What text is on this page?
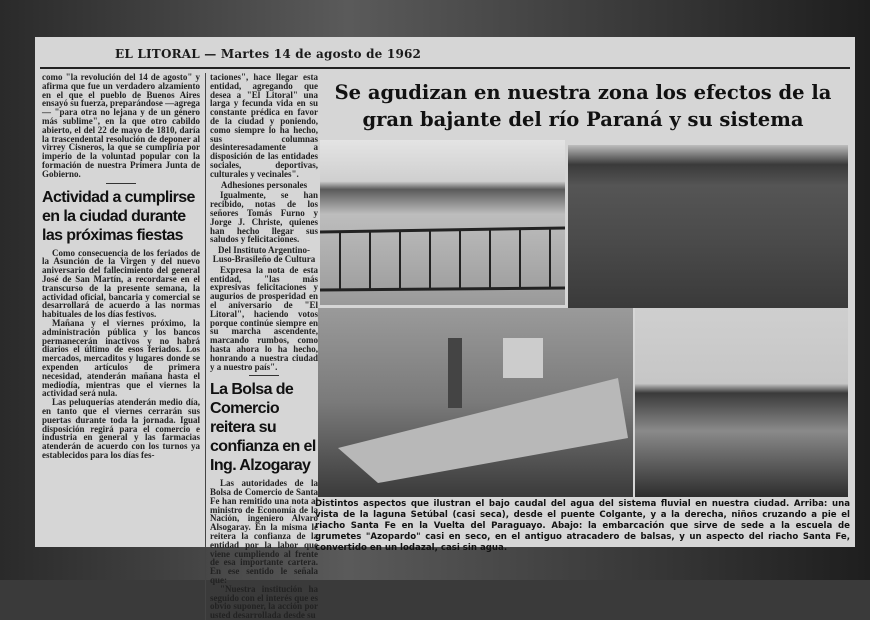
EL LITORAL — Martes 14 de agosto de 1962

como "la revolución del 14 de agosto" y afirma que fue un verdadero alzamiento en el que el pueblo de Buenos Aires ensayó su fuerza, preparándose —agrega— "para otra no lejana y de un género más sublime", en la que otro cabildo abierto, el del 22 de mayo de 1810, daría la trascendental resolución de deponer al virrey Cisneros, la que se cumpliría por imperio de la voluntad popular con la formación de nuestra Primera Junta de Gobierno.

Actividad a cumplirse en la ciudad durante las próximas fiestas

Como consecuencia de los feriados de la Asunción de la Virgen y del nuevo aniversario del fallecimiento del general José de San Martín, a recordarse en el transcurso de la presente semana, la actividad oficial, bancaria y comercial se desarrollará de acuerdo a las normas habituales de los días festivos.

Mañana y el viernes próximo, la administración pública y los bancos permanecerán inactivos y no habrá diarios el último de esos feriados. Los mercados, mercaditos y lugares donde se expenden artículos de primera necesidad, atenderán mañana hasta el mediodía, mientras que el viernes la actividad será nula.

Las peluquerías atenderán medio día, en tanto que el viernes cerrarán sus puertas durante toda la jornada. Igual disposición regirá para el comercio e industria en general y las farmacias atenderán de acuerdo con los turnos ya establecidos para los días fes-

taciones", hace llegar esta entidad, agregando que desea a "El Litoral" una larga y fecunda vida en su constante prédica en favor de la ciudad y poniendo, como siempre lo ha hecho, sus columnas desinteresadamente a disposición de las entidades sociales, deportivas, culturales y vecinales".

Adhesiones personales

Igualmente, se han recibido, notas de los señores Tomás Furno y Jorge J. Christe, quienes han hecho llegar sus saludos y felicitaciones.

Del Instituto Argentino-Luso-Brasileño de Cultura

Expresa la nota de esta entidad, "las más expresivas felicitaciones y augurios de prosperidad en el aniversario de "El Litoral", haciendo votos porque continúe siempre en su marcha ascendente, marcando rumbos, como hasta ahora lo ha hecho, honrando a nuestra ciudad y a nuestro país".

La Bolsa de Comercio reitera su confianza en el Ing. Alzogaray

Las autoridades de la Bolsa de Comercio de Santa Fe han remitido una nota al ministro de Economía de la Nación, ingeniero Alvaro Alsogaray. En la misma le reitera la confianza de la entidad por la labor que viene cumpliendo al frente de esa importante cartera. En ese sentido le señala que:

"Nuestra institución ha seguido con el interés que es obvio suponer, la acción por usted desarrollada desde su

Se agudizan en nuestra zona los efectos de la gran bajante del río Paraná y su sistema
Distintos aspectos que ilustran el bajo caudal del agua del sistema fluvial en nuestra ciudad. Arriba: una vista de la laguna Setúbal (casi seca), desde el puente Colgante, y a la derecha, niños cruzando a pie el riacho Santa Fe en la Vuelta del Paraguayo. Abajo: la embarcación que sirve de sede a la escuela de grumetes "Azopardo" casi en seco, en el antiguo atracadero de balsas, y un aspecto del riacho Santa Fe, convertido en un lodazal, casi sin agua.
